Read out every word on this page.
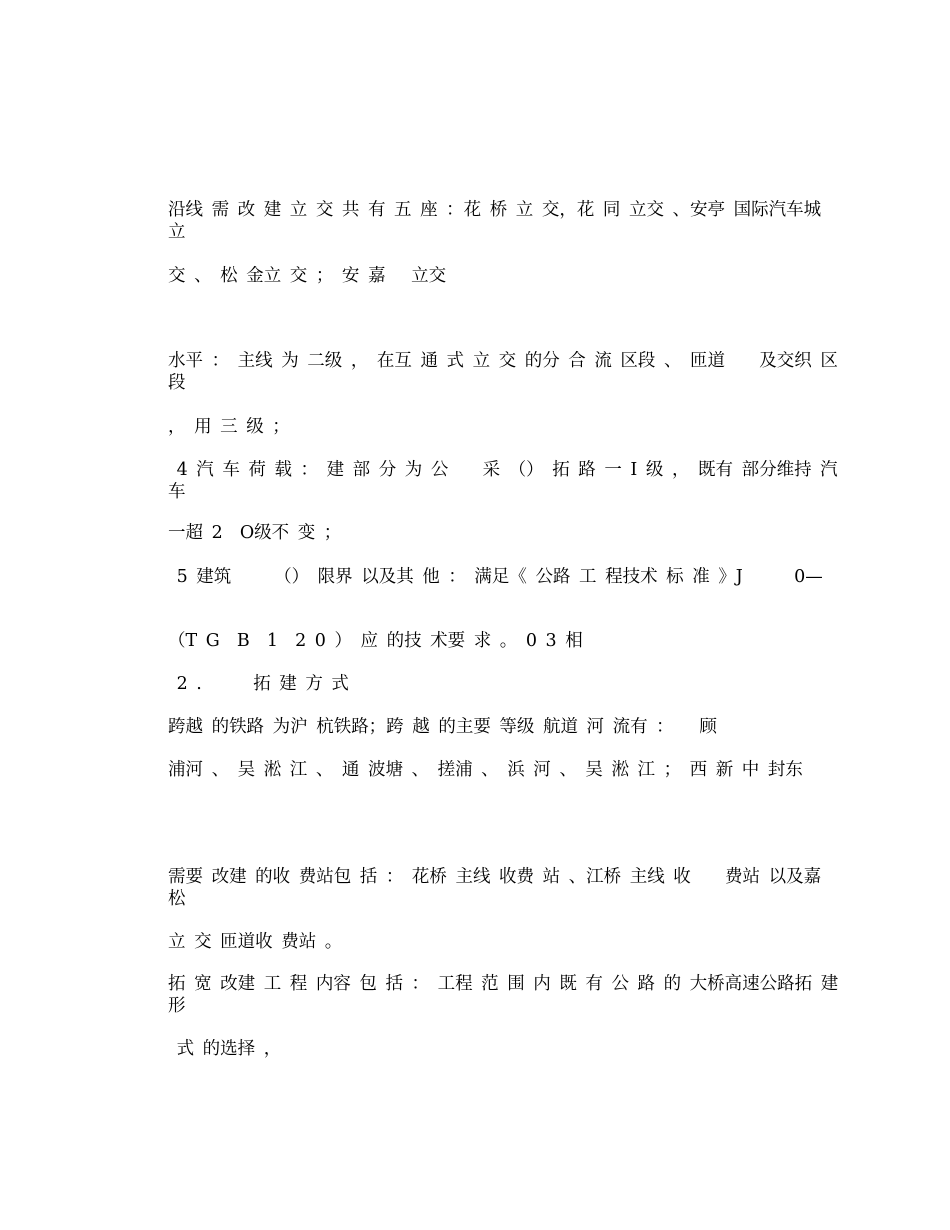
沿线 需 改 建 立 交 共 有 五 座 ：花 桥 立 交，花 同 立交 、安亭 国际汽车城 立

交 、 松 金立 交 ； 安 嘉   立交

水平 ： 主线 为 二级 ， 在互 通 式 立 交 的分 合 流 区段 、 匝道    及交织 区段

， 用 三 级 ；

4 汽 车 荷 载 ： 建 部 分 为 公    采 （） 拓 路 一 I 级 ， 既有 部分维持 汽车

一超 2  O级不 变 ；

5 建筑     （） 限界 以及其 他 ： 满足《 公路 工 程技术 标 准 》J      0—

（T G  B  1  2 0 ） 应 的技 术要 求 。 0 3 相

2 .      拓 建 方 式

跨越 的铁路 为沪 杭铁路；跨 越 的主要 等级 航道 河 流有 ：   顾

浦河 、 吴 淞 江 、 通 波塘 、 搓浦 、 浜 河 、 吴 淞 江 ； 西 新 中 封东

需要 改建 的收 费站包 括 ： 花桥 主线 收费 站 、江桥 主线 收    费站 以及嘉 松

立 交 匝道收 费站 。

拓 宽 改建 工 程 内容 包 括 ： 工程 范 围 内 既 有 公 路 的 大桥高速公路拓 建形

式 的选择 ，
